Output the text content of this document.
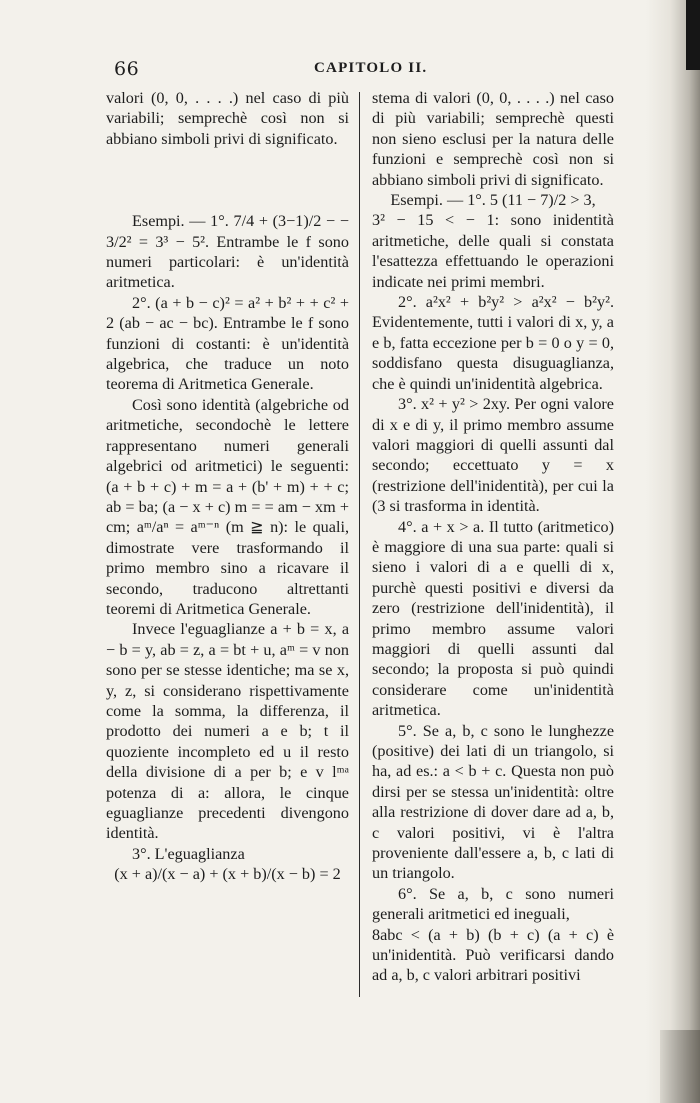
66	CAPITOLO II.

valori (0, 0, . . . .) nel caso di più variabili; semprechè così non si abbiano simboli privi di significato.

Esempi. — 1°. 7/4 + (3−1)/2 − − 3/2² = 3³ − 5². Entrambe le f sono numeri particolari: è un'identità aritmetica.

2°. (a + b − c)² = a² + b² + + c² + 2 (ab − ac − bc). Entrambe le f sono funzioni di costanti: è un'identità algebrica, che traduce un noto teorema di Aritmetica Generale.

Così sono identità (algebriche od aritmetiche, secondochè le lettere rappresentano numeri generali algebrici od aritmetici) le seguenti: (a + b + c) + m = a + (b' + m) + + c; ab = ba; (a − x + c) m = = am − xm + cm; aᵐ/aⁿ = aᵐ⁻ⁿ (m ≧ n): le quali, dimostrate vere trasformando il primo membro sino a ricavare il secondo, traducono altrettanti teoremi di Aritmetica Generale.

Invece l'eguaglianze a + b = x, a − b = y, ab = z, a = bt + u, aᵐ = v non sono per se stesse identiche; ma se x, y, z, si considerano rispettivamente come la somma, la differenza, il prodotto dei numeri a e b; t il quoziente incompleto ed u il resto della divisione di a per b; e v lᵐᵃ potenza di a: allora, le cinque eguaglianze precedenti divengono identità.

3°. L'eguaglianza

(x + a)/(x − a) + (x + b)/(x − b) = 2

stema di valori (0, 0, . . . .) nel caso di più variabili; semprechè questi non sieno esclusi per la natura delle funzioni e semprechè così non si abbiano simboli privi di significato.

Esempi. — 1°. 5 (11 − 7)/2 > 3,

3² − 15 < − 1: sono inidentità aritmetiche, delle quali si constata l'esattezza effettuando le operazioni indicate nei primi membri.

2°. a²x² + b²y² > a²x² − b²y². Evidentemente, tutti i valori di x, y, a e b, fatta eccezione per b = 0 o y = 0, soddisfano questa disuguaglianza, che è quindi un'inidentità algebrica.

3°. x² + y² > 2xy. Per ogni valore di x e di y, il primo membro assume valori maggiori di quelli assunti dal secondo; eccettuato y = x (restrizione dell'inidentità), per cui la (3 si trasforma in identità.

4°. a + x > a. Il tutto (aritmetico) è maggiore di una sua parte: quali si sieno i valori di a e quelli di x, purchè questi positivi e diversi da zero (restrizione dell'inidentità), il primo membro assume valori maggiori di quelli assunti dal secondo; la proposta si può quindi considerare come un'inidentità aritmetica.

5°. Se a, b, c sono le lunghezze (positive) dei lati di un triangolo, si ha, ad es.: a < b + c. Questa non può dirsi per se stessa un'inidentità: oltre alla restrizione di dover dare ad a, b, c valori positivi, vi è l'altra proveniente dall'essere a, b, c lati di un triangolo.

6°. Se a, b, c sono numeri generali aritmetici ed ineguali,

8abc < (a + b) (b + c) (a + c) è un'inidentità. Può verificarsi dando ad a, b, c valori arbitrari positivi
